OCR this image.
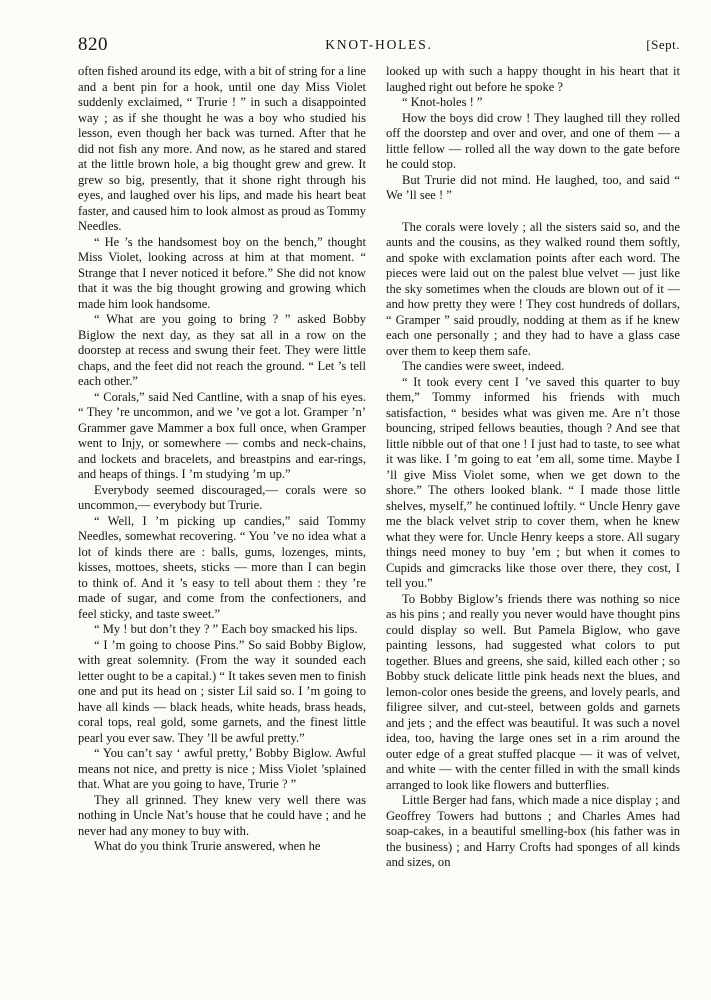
820	KNOT-HOLES.	[Sept.

often fished around its edge, with a bit of string for a line and a bent pin for a hook, until one day Miss Violet suddenly exclaimed, “ Trurie ! ” in such a disappointed way ; as if she thought he was a boy who studied his lesson, even though her back was turned. After that he did not fish any more. And now, as he stared and stared at the little brown hole, a big thought grew and grew. It grew so big, presently, that it shone right through his eyes, and laughed over his lips, and made his heart beat faster, and caused him to look almost as proud as Tommy Needles.

“ He ’s the handsomest boy on the bench,” thought Miss Violet, looking across at him at that moment. “ Strange that I never noticed it before.” She did not know that it was the big thought growing and growing which made him look handsome.

“ What are you going to bring ? ” asked Bobby Biglow the next day, as they sat all in a row on the doorstep at recess and swung their feet. They were little chaps, and the feet did not reach the ground. “ Let ’s tell each other.”

“ Corals,” said Ned Cantline, with a snap of his eyes. “ They ’re uncommon, and we ’ve got a lot. Gramper ’n’ Grammer gave Mammer a box full once, when Gramper went to Injy, or somewhere — combs and neck-chains, and lockets and bracelets, and breastpins and ear-rings, and heaps of things. I ’m studying ’m up.”

Everybody seemed discouraged,— corals were so uncommon,— everybody but Trurie.

“ Well, I ’m picking up candies,” said Tommy Needles, somewhat recovering. “ You ’ve no idea what a lot of kinds there are : balls, gums, lozenges, mints, kisses, mottoes, sheets, sticks — more than I can begin to think of. And it ’s easy to tell about them : they ’re made of sugar, and come from the confectioners, and feel sticky, and taste sweet.”

“ My ! but don’t they ? ” Each boy smacked his lips.

“ I ’m going to choose Pins.” So said Bobby Biglow, with great solemnity. (From the way it sounded each letter ought to be a capital.) “ It takes seven men to finish one and put its head on ; sister Lil said so. I ’m going to have all kinds — black heads, white heads, brass heads, coral tops, real gold, some garnets, and the finest little pearl you ever saw. They ’ll be awful pretty.”

“ You can’t say ‘ awful pretty,’ Bobby Biglow. Awful means not nice, and pretty is nice ; Miss Violet ’splained that. What are you going to have, Trurie ? ”

They all grinned. They knew very well there was nothing in Uncle Nat’s house that he could have ; and he never had any money to buy with.

What do you think Trurie answered, when he

looked up with such a happy thought in his heart that it laughed right out before he spoke ?

“ Knot-holes ! ”

How the boys did crow ! They laughed till they rolled off the doorstep and over and over, and one of them — a little fellow — rolled all the way down to the gate before he could stop.

But Trurie did not mind. He laughed, too, and said “ We ’ll see ! ”

The corals were lovely ; all the sisters said so, and the aunts and the cousins, as they walked round them softly, and spoke with exclamation points after each word. The pieces were laid out on the palest blue velvet — just like the sky sometimes when the clouds are blown out of it — and how pretty they were ! They cost hundreds of dollars, “ Gramper ” said proudly, nodding at them as if he knew each one personally ; and they had to have a glass case over them to keep them safe.

The candies were sweet, indeed.

“ It took every cent I ’ve saved this quarter to buy them,” Tommy informed his friends with much satisfaction, “ besides what was given me. Are n’t those bouncing, striped fellows beauties, though ? And see that little nibble out of that one ! I just had to taste, to see what it was like. I ’m going to eat ’em all, some time. Maybe I ’ll give Miss Violet some, when we get down to the shore.” The others looked blank. “ I made those little shelves, myself,” he continued loftily. “ Uncle Henry gave me the black velvet strip to cover them, when he knew what they were for. Uncle Henry keeps a store. All sugary things need money to buy ’em ; but when it comes to Cupids and gimcracks like those over there, they cost, I tell you.”

To Bobby Biglow’s friends there was nothing so nice as his pins ; and really you never would have thought pins could display so well. But Pamela Biglow, who gave painting lessons, had suggested what colors to put together. Blues and greens, she said, killed each other ; so Bobby stuck delicate little pink heads next the blues, and lemon-color ones beside the greens, and lovely pearls, and filigree silver, and cut-steel, between golds and garnets and jets ; and the effect was beautiful. It was such a novel idea, too, having the large ones set in a rim around the outer edge of a great stuffed placque — it was of velvet, and white — with the center filled in with the small kinds arranged to look like flowers and butterflies.

Little Berger had fans, which made a nice display ; and Geoffrey Towers had buttons ; and Charles Ames had soap-cakes, in a beautiful smelling-box (his father was in the business) ; and Harry Crofts had sponges of all kinds and sizes, on
